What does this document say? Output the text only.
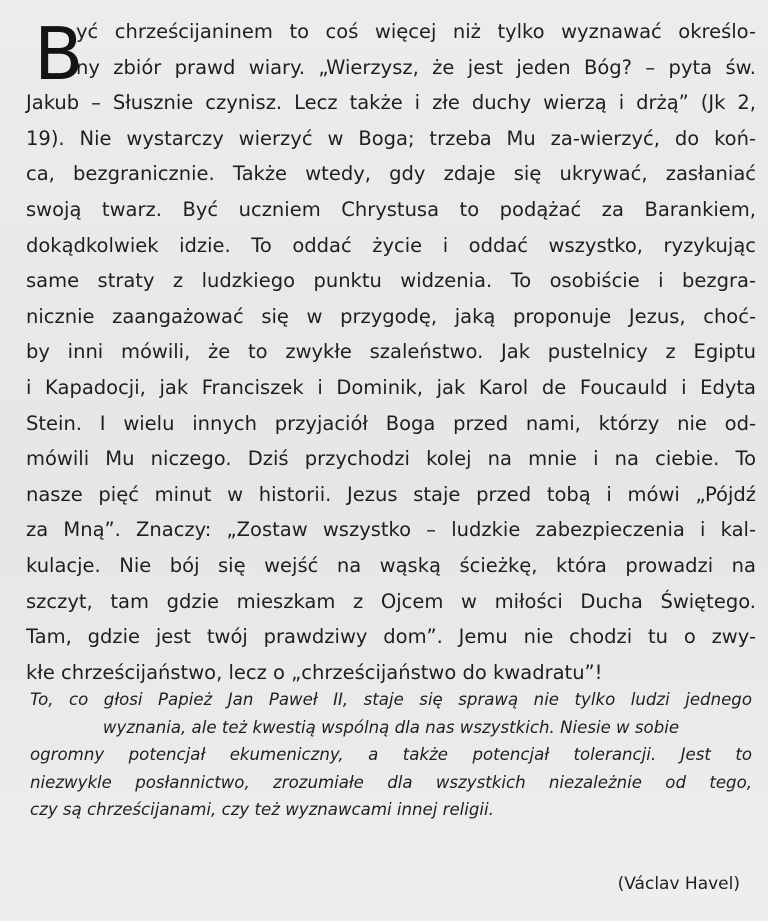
B
yć chrześcijaninem to coś więcej niż tylko wyznawać określo-
ny zbiór prawd wiary. „Wierzysz, że jest jeden Bóg? – pyta św.
Jakub – Słusznie czynisz. Lecz także i złe duchy wierzą i drżą” (Jk 2,
19). Nie wystarczy wierzyć w Boga; trzeba Mu za-wierzyć, do koń-
ca, bezgranicznie. Także wtedy, gdy zdaje się ukrywać, zasłaniać
swoją twarz. Być uczniem Chrystusa to podążać za Barankiem,
dokądkolwiek idzie. To oddać życie i oddać wszystko, ryzykując
same straty z ludzkiego punktu widzenia. To osobiście i bezgra-
nicznie zaangażować się w przygodę, jaką proponuje Jezus, choć-
by inni mówili, że to zwykłe szaleństwo. Jak pustelnicy z Egiptu
i Kapadocji, jak Franciszek i Dominik, jak Karol de Foucauld i Edyta
Stein. I wielu innych przyjaciół Boga przed nami, którzy nie od-
mówili Mu niczego. Dziś przychodzi kolej na mnie i na ciebie. To
nasze pięć minut w historii. Jezus staje przed tobą i mówi „Pójdź
za Mną”. Znaczy: „Zostaw wszystko – ludzkie zabezpieczenia i kal-
kulacje. Nie bój się wejść na wąską ścieżkę, która prowadzi na
szczyt, tam gdzie mieszkam z Ojcem w miłości Ducha Świętego.
Tam, gdzie jest twój prawdziwy dom”. Jemu nie chodzi tu o zwy-
kłe chrześcijaństwo, lecz o „chrześcijaństwo do kwadratu”!
To, co głosi Papież Jan Paweł II, staje się sprawą nie tylko ludzi jednego
wyznania, ale też kwestią wspólną dla nas wszystkich. Niesie w sobie
ogromny potencjał ekumeniczny, a także potencjał tolerancji. Jest to
niezwykle posłannictwo, zrozumiałe dla wszystkich niezależnie od tego,
czy są chrześcijanami, czy też wyznawcami innej religii.
(Václav Havel)
